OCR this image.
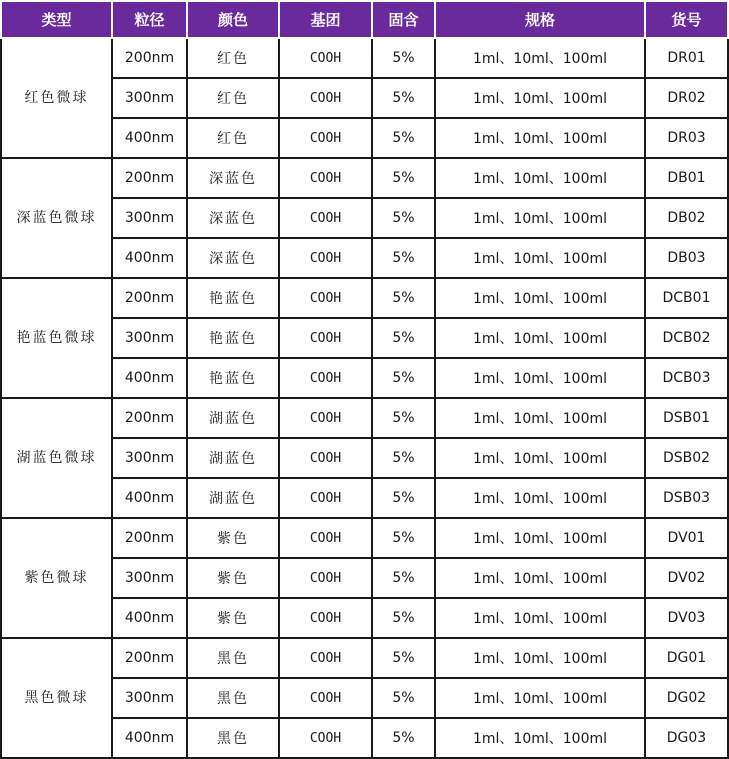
类型	粒径	颜色	基团	固含	规格	货号
红色微球	200nm	红色	COOH	5%	1ml、10ml、100ml	DR01
	300nm	红色	COOH	5%	1ml、10ml、100ml	DR02
	400nm	红色	COOH	5%	1ml、10ml、100ml	DR03
深蓝色微球	200nm	深蓝色	COOH	5%	1ml、10ml、100ml	DB01
	300nm	深蓝色	COOH	5%	1ml、10ml、100ml	DB02
	400nm	深蓝色	COOH	5%	1ml、10ml、100ml	DB03
艳蓝色微球	200nm	艳蓝色	COOH	5%	1ml、10ml、100ml	DCB01
	300nm	艳蓝色	COOH	5%	1ml、10ml、100ml	DCB02
	400nm	艳蓝色	COOH	5%	1ml、10ml、100ml	DCB03
湖蓝色微球	200nm	湖蓝色	COOH	5%	1ml、10ml、100ml	DSB01
	300nm	湖蓝色	COOH	5%	1ml、10ml、100ml	DSB02
	400nm	湖蓝色	COOH	5%	1ml、10ml、100ml	DSB03
紫色微球	200nm	紫色	COOH	5%	1ml、10ml、100ml	DV01
	300nm	紫色	COOH	5%	1ml、10ml、100ml	DV02
	400nm	紫色	COOH	5%	1ml、10ml、100ml	DV03
黑色微球	200nm	黑色	COOH	5%	1ml、10ml、100ml	DG01
	300nm	黑色	COOH	5%	1ml、10ml、100ml	DG02
	400nm	黑色	COOH	5%	1ml、10ml、100ml	DG03
